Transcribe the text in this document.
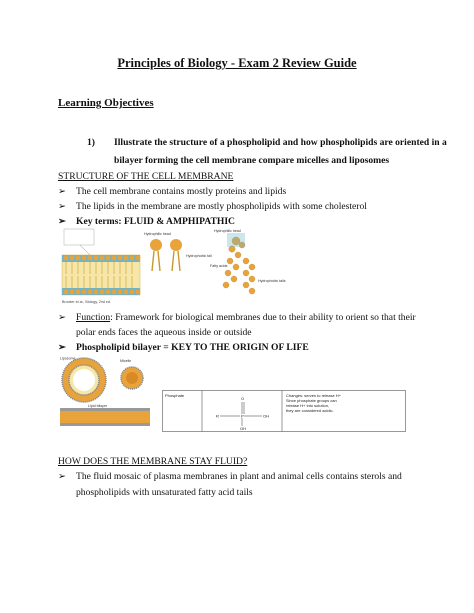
Principles of Biology - Exam 2 Review Guide
Learning Objectives
1) Illustrate the structure of a phospholipid and how phospholipids are oriented in a
bilayer forming the cell membrane compare micelles and liposomes
STRUCTURE OF THE CELL MEMBRANE
➢ The cell membrane contains mostly proteins and lipids
➢ The lipids in the membrane are mostly phospholipids with some cholesterol
➢ Key terms: FLUID & AMPHIPATHIC
Hydrophilic head
Hydrophobic tail
Hydrophilic head
Fatty acids
Hydrophobic tails
Brooker et al., Biology, 2nd ed.
➢ Function: Framework for biological membranes due to their ability to orient so that their
polar ends faces the aqueous inside or outside
➢ Phospholipid bilayer = KEY TO THE ORIGIN OF LIFE
Liposome
Micelle
Lipid bilayer
Phosphate
R
O
P	OH
OH
Changes: serves to release H+
Since phosphate groups can
release H+ into solution,
they are considered acidic.
HOW DOES THE MEMBRANE STAY FLUID?
➢ The fluid mosaic of plasma membranes in plant and animal cells contains sterols and
phospholipids with unsaturated fatty acid tails
